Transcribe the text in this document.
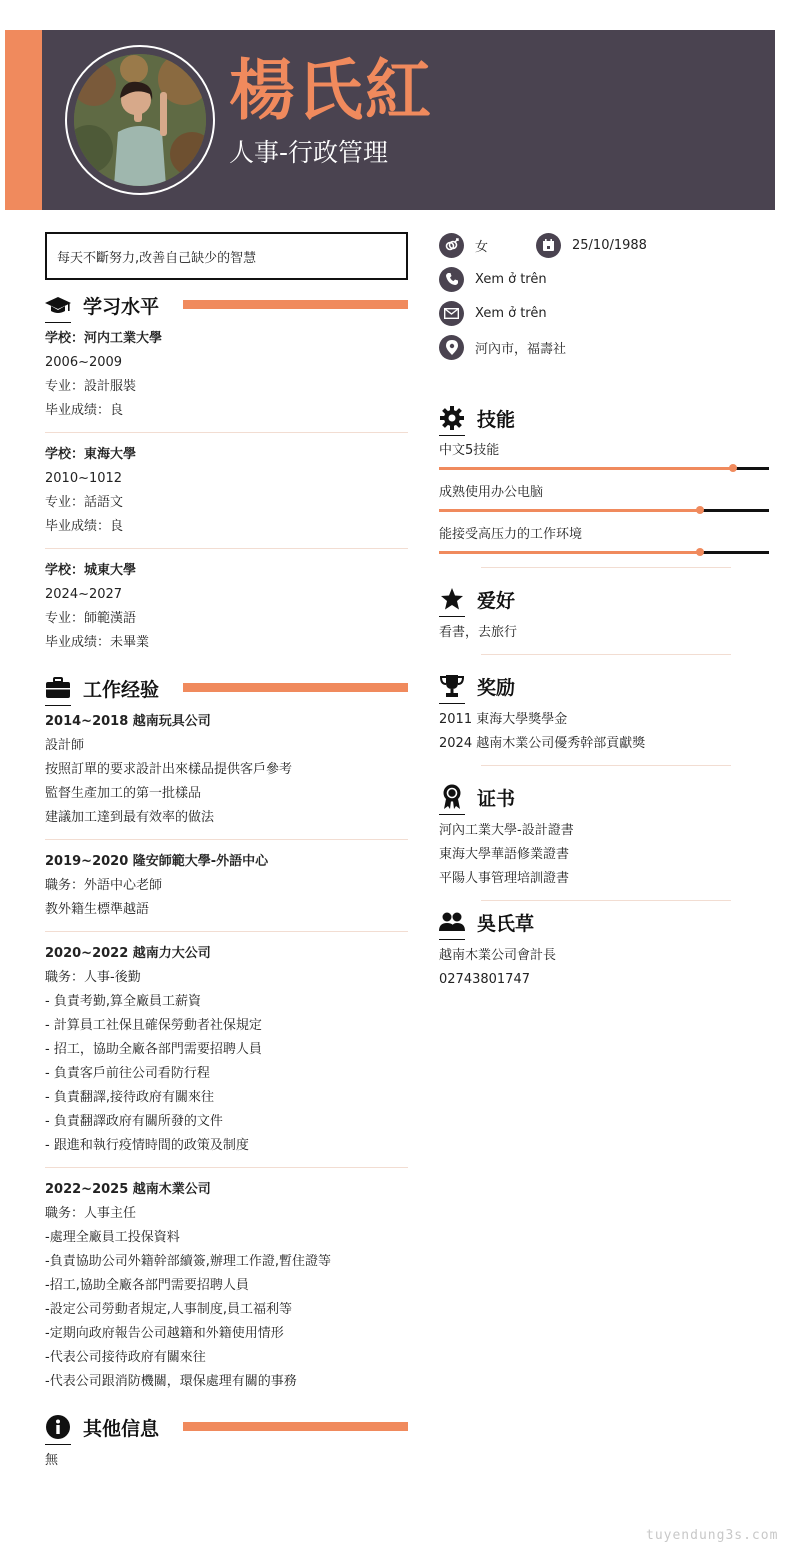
楊氏紅
人事-行政管理
每天不斷努力,改善自己缺少的智慧
学习水平
学校：河内工業大學
2006~2009
专业：設計服裝
毕业成绩：良
学校：東海大學
2010~1012
专业：話語文
毕业成绩：良
学校：城東大學
2024~2027
专业：師範漢語
毕业成绩：未畢業
工作经验
2014~2018 越南玩具公司
設計師
按照訂單的要求設計出來樣品提供客戶參考
監督生產加工的第一批樣品
建議加工達到最有效率的做法
2019~2020 隆安師範大學-外語中心
職务：外語中心老師
教外籍生標準越語
2020~2022 越南力大公司
職务：人事-後勤
- 負責考勤,算全廠員工薪資
- 計算員工社保且確保勞動者社保規定
- 招工，協助全廠各部門需要招聘人員
- 負責客戶前往公司看防行程
- 負責翻譯,接待政府有關來往
- 負責翻譯政府有關所發的文件
- 跟進和執行疫情時間的政策及制度
2022~2025 越南木業公司
職务：人事主任
-處理全廠員工投保資料
-負責協助公司外籍幹部續簽,辦理工作證,暫住證等
-招工,協助全廠各部門需要招聘人員
-設定公司勞動者規定,人事制度,員工福利等
-定期向政府報告公司越籍和外籍使用情形
-代表公司接待政府有關來往
-代表公司跟消防機關，環保處理有關的事務
其他信息
無
女	25/10/1988
Xem ở trên
Xem ở trên
河內市，福壽社
技能
中文5技能
成熟使用办公电脑
能接受高压力的工作环境
爱好
看書，去旅行
奖励
2011 東海大學獎學金
2024 越南木業公司優秀幹部貢獻獎
证书
河內工業大學-設計證書
東海大學華語修業證書
平陽人事管理培訓證書
吳氏草
越南木業公司會計長
02743801747
tuyendung3s.com
